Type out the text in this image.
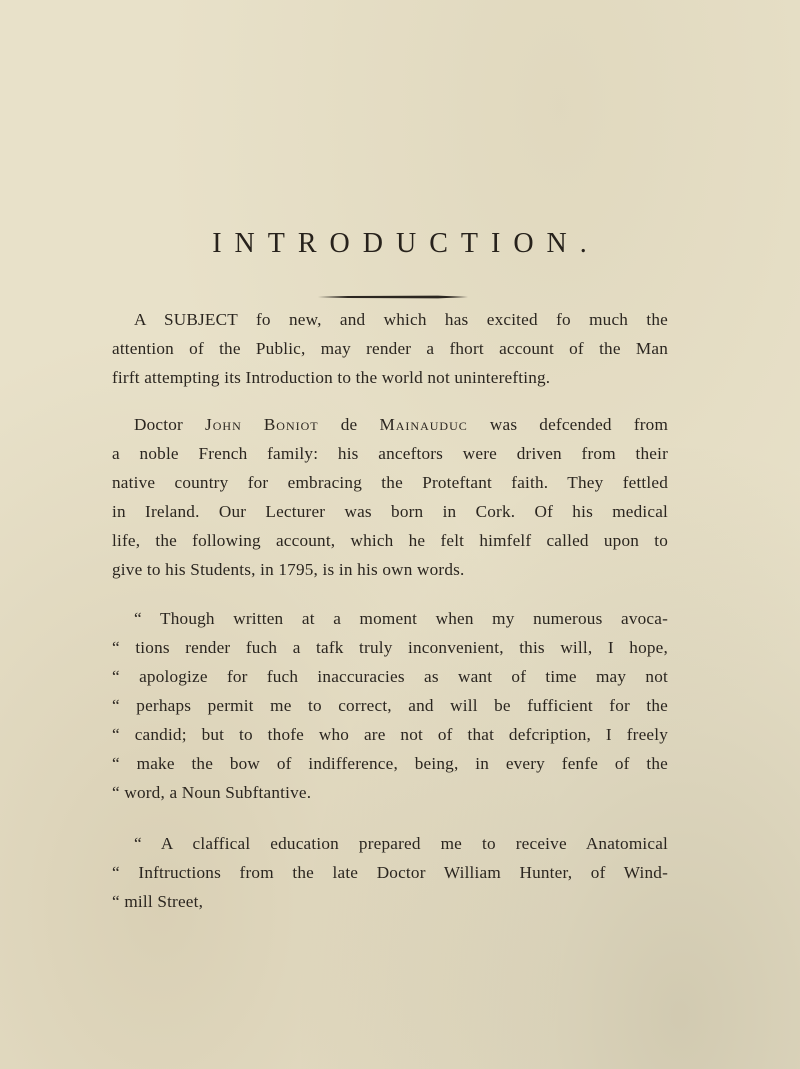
INTRODUCTION.
A SUBJECT fo new, and which has excited fo much the
attention of the Public, may render a fhort account of the Man
firft attempting its Introduction to the world not uninterefting.
Doctor John Boniot de Mainauduc was defcended from
a noble French family: his anceftors were driven from their
native country for embracing the Proteftant faith. They fettled
in Ireland. Our Lecturer was born in Cork. Of his medical
life, the following account, which he felt himfelf called upon to
give to his Students, in 1795, is in his own words.
“ Though written at a moment when my numerous avoca-
“ tions render fuch a tafk truly inconvenient, this will, I hope,
“ apologize for fuch inaccuracies as want of time may not
“ perhaps permit me to correct, and will be fufficient for the
“ candid; but to thofe who are not of that defcription, I freely
“ make the bow of indifference, being, in every fenfe of the
“ word, a Noun Subftantive.
“ A claffical education prepared me to receive Anatomical
“ Inftructions from the late Doctor William Hunter, of Wind-
“ mill Street,
